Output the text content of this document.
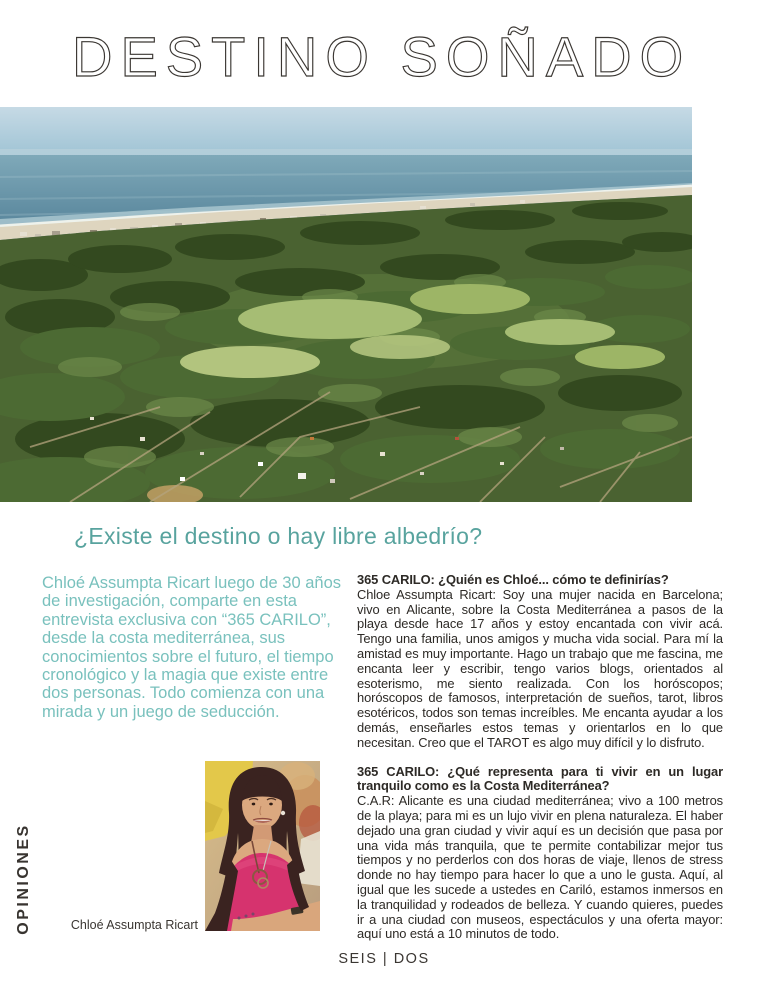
DESTINO SOÑADO
¿Existe el destino o hay libre albedrío?
Chloé Assumpta Ricart luego de 30 años de investigación, comparte en esta entrevista exclusiva con “365 CARILO”, desde la costa mediterránea, sus conocimientos sobre el futuro, el tiempo cronológico y la magia que existe entre dos personas. Todo comienza con una mirada y un juego de seducción.

365 CARILO: ¿Quién es Chloé... cómo te definirías?

Chloe Assumpta Ricart: Soy una mujer nacida en Barcelona; vivo en Alicante, sobre la Costa Mediterránea a pasos de la playa desde hace 17 años y estoy encantada con vivir acá. Tengo una familia, unos amigos y mucha vida social. Para mí la amistad es muy importante. Hago un trabajo que me fascina, me encanta leer y escribir, tengo varios blogs, orientados al esoterismo, me siento realizada. Con los horóscopos; horóscopos de famosos, interpretación de sueños, tarot, libros esotéricos, todos son temas increíbles. Me encanta ayudar a los demás, enseñarles estos temas y orientarlos en lo que necesitan. Creo que el TAROT es algo muy difícil y lo disfruto.

365 CARILO: ¿Qué representa para ti vivir en un lugar tranquilo como es la Costa Mediterránea?

C.A.R: Alicante es una ciudad mediterránea; vivo a 100 metros de la playa; para mi es un lujo vivir en plena naturaleza. El haber dejado una gran ciudad y vivir aquí es un decisión que pasa por una vida más tranquila, que te permite contabilizar mejor tus tiempos y no perderlos con dos horas de viaje, llenos de stress donde no hay tiempo para hacer lo que a uno le gusta. Aquí, al igual que les sucede a ustedes en Cariló, estamos inmersos en la tranquilidad y rodeados de belleza. Y cuando quieres, puedes ir a una ciudad con museos, espectáculos y una oferta mayor: aquí uno está a 10 minutos de todo.

Chloé Assumpta Ricart
OPINIONES
SEIS | DOS
